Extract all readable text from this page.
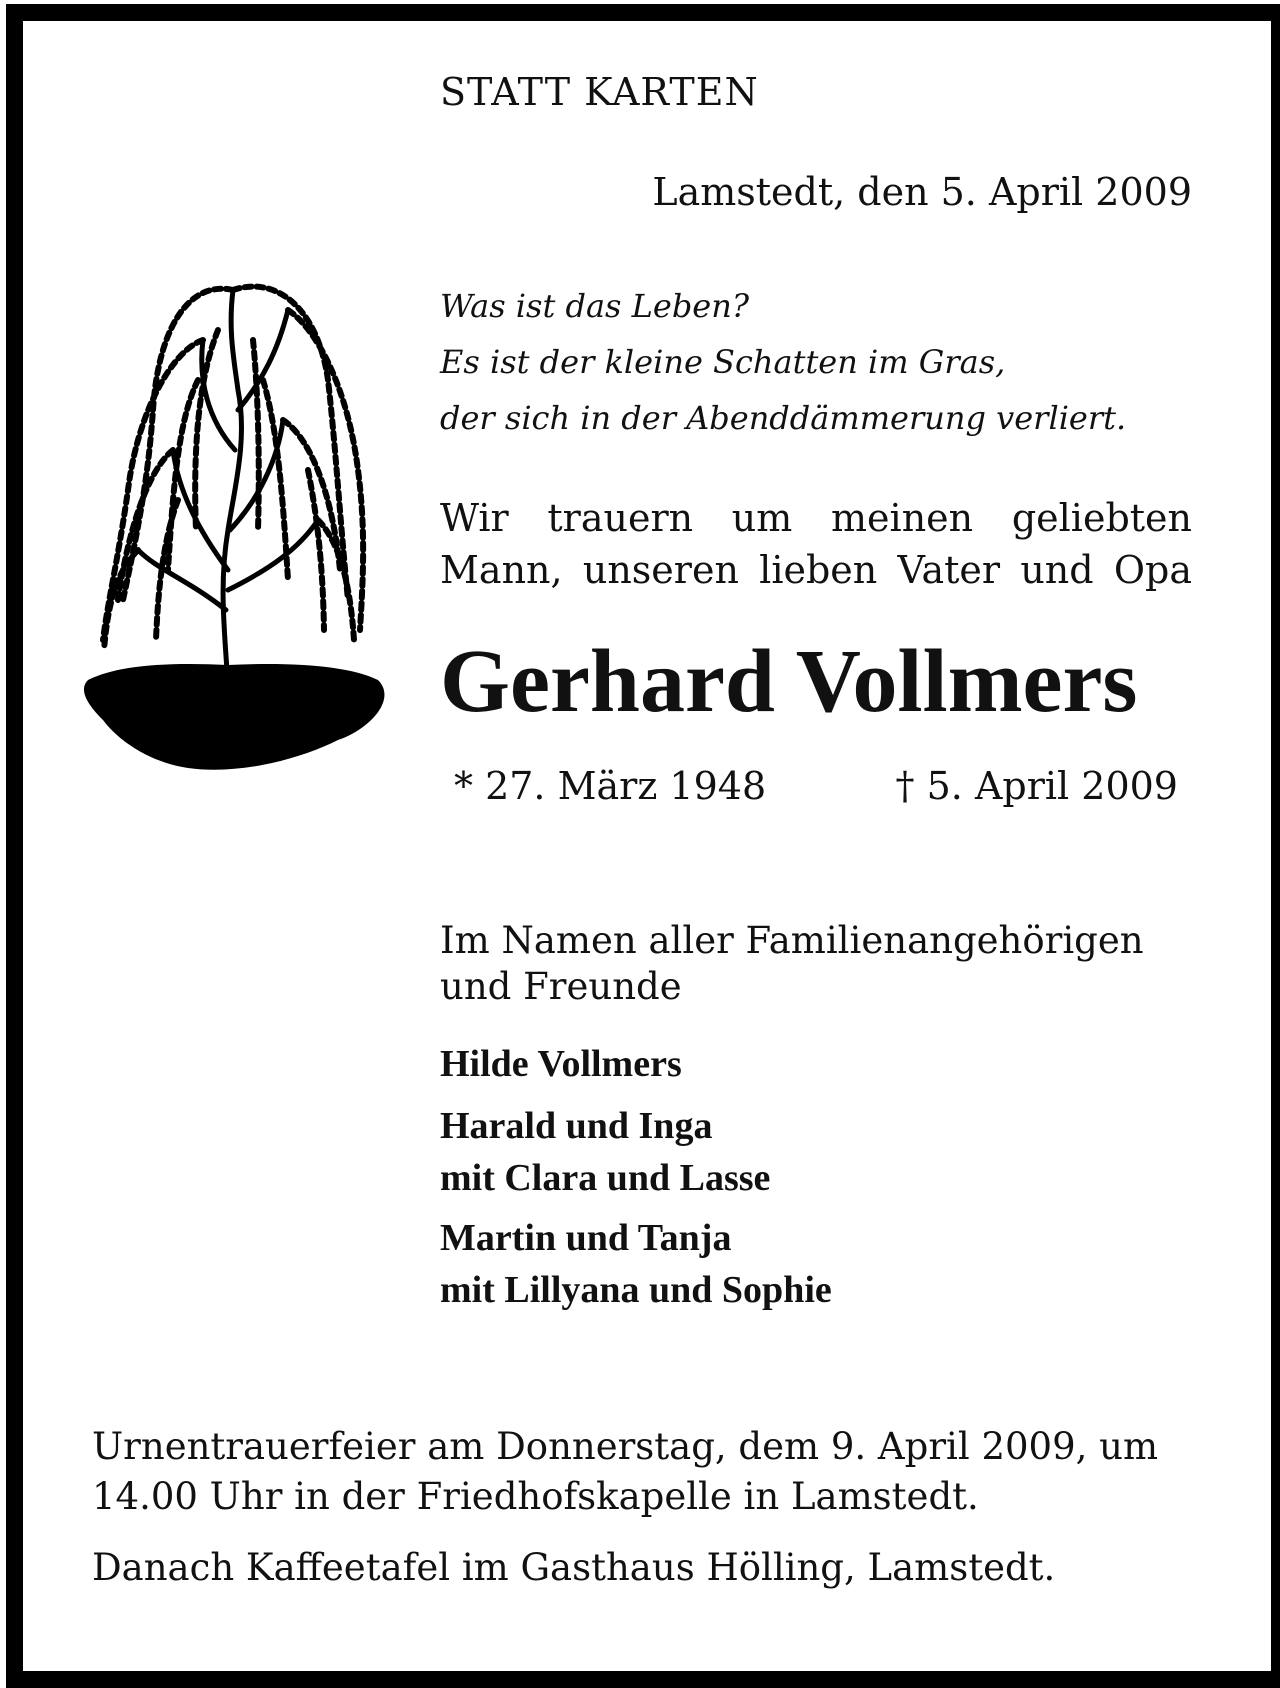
STATT KARTEN
Lamstedt, den 5. April 2009
Was ist das Leben?
Es ist der kleine Schatten im Gras,
der sich in der Abenddämmerung verliert.
Wir trauern um meinen geliebten
Mann, unseren lieben Vater und Opa
Gerhard Vollmers
* 27. März 1948	† 5. April 2009
Im Namen aller Familienangehörigen
und Freunde
Hilde Vollmers
Harald und Inga
mit Clara und Lasse
Martin und Tanja
mit Lillyana und Sophie
Urnentrauerfeier am Donnerstag, dem 9. April 2009, um
14.00 Uhr in der Friedhofskapelle in Lamstedt.
Danach Kaffeetafel im Gasthaus Hölling, Lamstedt.
